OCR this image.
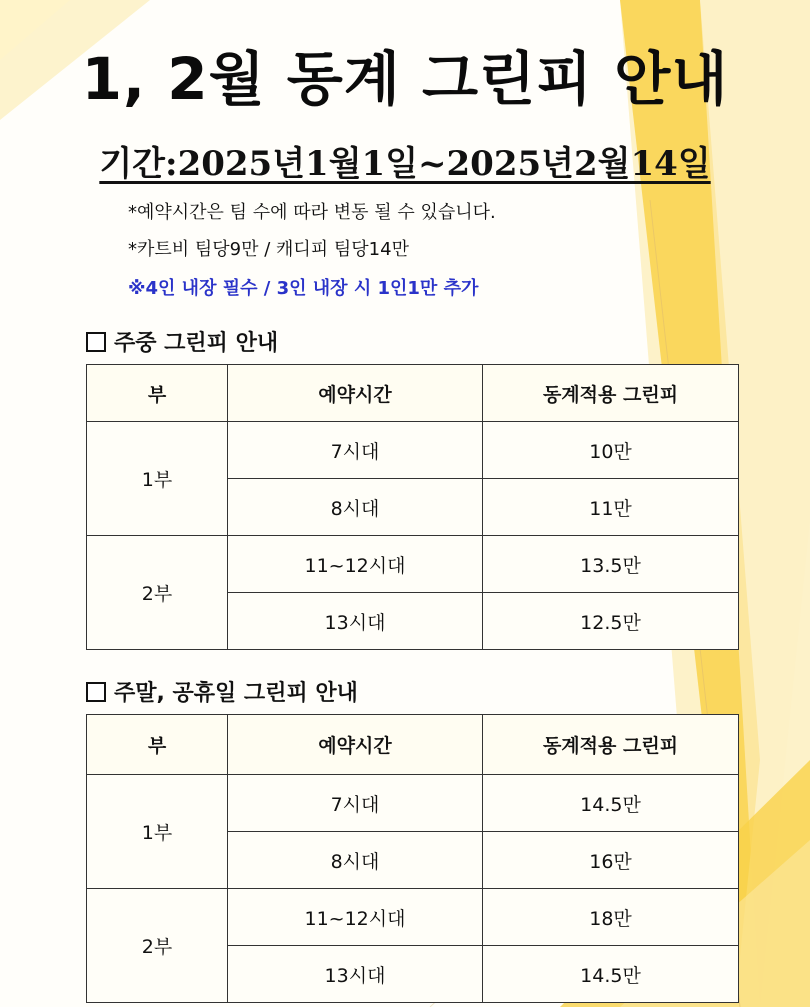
1, 2월 동계 그린피 안내
기간:2025년1월1일~2025년2월14일
*예약시간은 팀 수에 따라 변동 될 수 있습니다.
*카트비 팀당9만 / 캐디피 팀당14만
※4인 내장 필수 / 3인 내장 시 1인1만 추가
주중 그린피 안내
부	예약시간	동계적용 그린피
1부	7시대	10만
	8시대	11만
2부	11~12시대	13.5만
	13시대	12.5만
주말, 공휴일 그린피 안내
부	예약시간	동계적용 그린피
1부	7시대	14.5만
	8시대	16만
2부	11~12시대	18만
	13시대	14.5만
